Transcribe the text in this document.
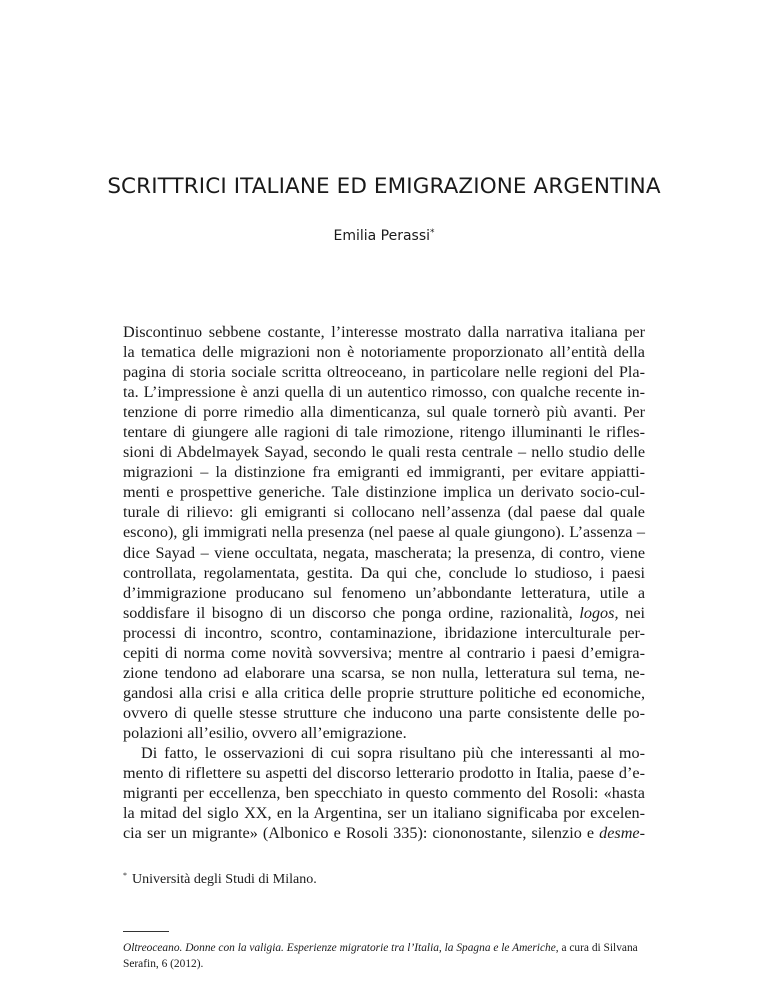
SCRITTRICI ITALIANE ED EMIGRAZIONE ARGENTINA
Emilia Perassi*
Discontinuo sebbene costante, l’interesse mostrato dalla narrativa italiana per
la tematica delle migrazioni non è notoriamente proporzionato all’entità della
pagina di storia sociale scritta oltreoceano, in particolare nelle regioni del Pla-
ta. L’impressione è anzi quella di un autentico rimosso, con qualche recente in-
tenzione di porre rimedio alla dimenticanza, sul quale tornerò più avanti. Per
tentare di giungere alle ragioni di tale rimozione, ritengo illuminanti le rifles-
sioni di Abdelmayek Sayad, secondo le quali resta centrale – nello studio delle
migrazioni – la distinzione fra emigranti ed immigranti, per evitare appiatti-
menti e prospettive generiche. Tale distinzione implica un derivato socio-cul-
turale di rilievo: gli emigranti si collocano nell’assenza (dal paese dal quale
escono), gli immigrati nella presenza (nel paese al quale giungono). L’assenza –
dice Sayad – viene occultata, negata, mascherata; la presenza, di contro, viene
controllata, regolamentata, gestita. Da qui che, conclude lo studioso, i paesi
d’immigrazione producano sul fenomeno un’abbondante letteratura, utile a
soddisfare il bisogno di un discorso che ponga ordine, razionalità, logos, nei
processi di incontro, scontro, contaminazione, ibridazione interculturale per-
cepiti di norma come novità sovversiva; mentre al contrario i paesi d’emigra-
zione tendono ad elaborare una scarsa, se non nulla, letteratura sul tema, ne-
gandosi alla crisi e alla critica delle proprie strutture politiche ed economiche,
ovvero di quelle stesse strutture che inducono una parte consistente delle po-
polazioni all’esilio, ovvero all’emigrazione.
Di fatto, le osservazioni di cui sopra risultano più che interessanti al mo-
mento di riflettere su aspetti del discorso letterario prodotto in Italia, paese d’e-
migranti per eccellenza, ben specchiato in questo commento del Rosoli: «hasta
la mitad del siglo XX, en la Argentina, ser un italiano significaba por excelen-
cia ser un migrante» (Albonico e Rosoli 335): ciononostante, silenzio e desme-
* Università degli Studi di Milano.
Oltreoceano. Donne con la valigia. Esperienze migratorie tra l’Italia, la Spagna e le Americhe, a cura di Silvana
Serafin, 6 (2012).
